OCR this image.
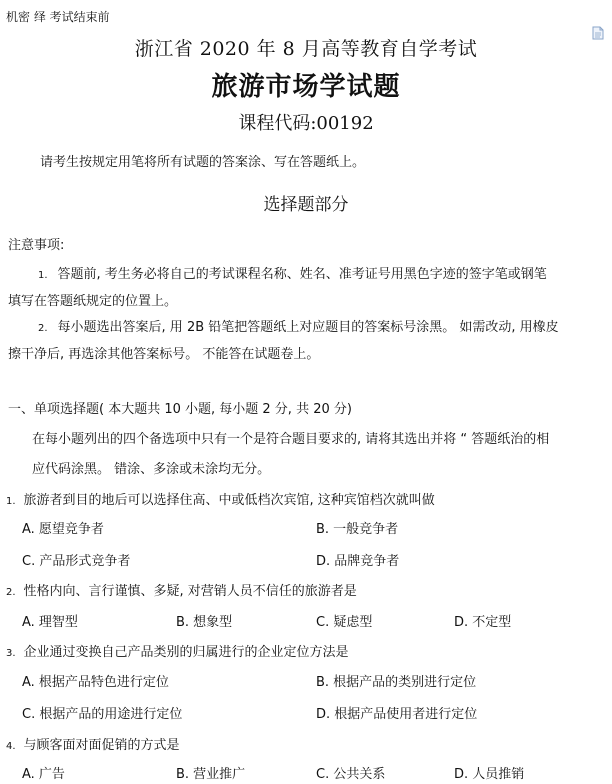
机密 绎 考试结束前
浙江省 2020 年 8 月高等教育自学考试
旅游市场学试题
课程代码:00192
请考生按规定用笔将所有试题的答案涂、写在答题纸上。
选择题部分
注意事项:
1. 答题前, 考生务必将自己的考试课程名称、姓名、准考证号用黑色字迹的签字笔或钢笔
填写在答题纸规定的位置上。
2. 每小题选出答案后, 用 2B 铅笔把答题纸上对应题目的答案标号涂黑。 如需改动, 用橡皮
擦干净后, 再选涂其他答案标号。 不能答在试题卷上。
一、单项选择题( 本大题共 10 小题, 每小题 2 分, 共 20 分)
在每小题列出的四个备选项中只有一个是符合题目要求的, 请将其选出并将 “ 答题纸治的相
应代码涂黑。 错涂、多涂或未涂均无分。
1. 旅游者到目的地后可以选择住高、中或低档次宾馆, 这种宾馆档次就叫做
A. 愿望竞争者	B. 一般竞争者
C. 产品形式竞争者	D. 品牌竞争者
2. 性格内向、言行谨慎、多疑, 对营销人员不信任的旅游者是
A. 理智型	B. 想象型	C. 疑虑型	D. 不定型
3. 企业通过变换自己产品类别的归属进行的企业定位方法是
A. 根据产品特色进行定位	B. 根据产品的类别进行定位
C. 根据产品的用途进行定位	D. 根据产品使用者进行定位
4. 与顾客面对面促销的方式是
A. 广告	B. 营业推广	C. 公共关系	D. 人员推销
